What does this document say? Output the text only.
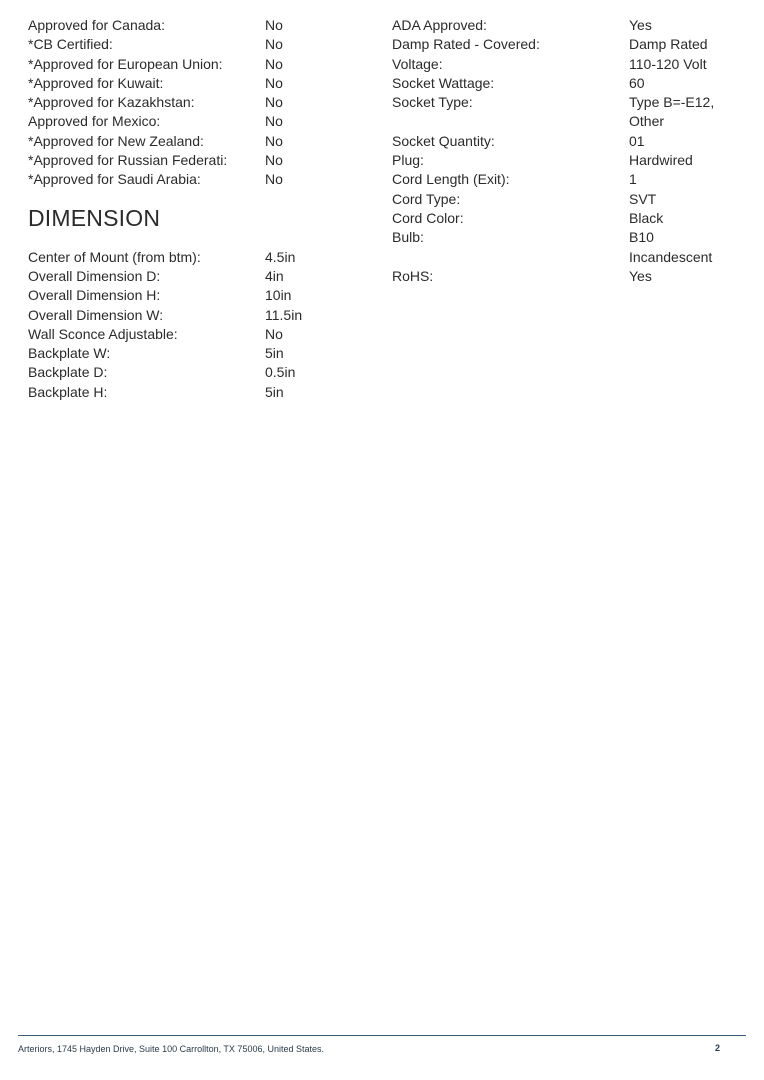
Approved for Canada:	No
*CB Certified:	No
*Approved for European Union:	No
*Approved for Kuwait:	No
*Approved for Kazakhstan:	No
Approved for Mexico:	No
*Approved for New Zealand:	No
*Approved for Russian Federati:	No
*Approved for Saudi Arabia:	No
DIMENSION
Center of Mount (from btm):	4.5in
Overall Dimension D:	4in
Overall Dimension H:	10in
Overall Dimension W:	11.5in
Wall Sconce Adjustable:	No
Backplate W:	5in
Backplate D:	0.5in
Backplate H:	5in
ADA Approved:	Yes
Damp Rated - Covered:	Damp Rated
Voltage:	110-120 Volt
Socket Wattage:	60
Socket Type:	Type B=-E12,
Other
Socket Quantity:	01
Plug:	Hardwired
Cord Length (Exit):	1
Cord Type:	SVT
Cord Color:	Black
Bulb:	B10
Incandescent
RoHS:	Yes
Arteriors, 1745 Hayden Drive, Suite 100 Carrollton, TX 75006, United States.	2
